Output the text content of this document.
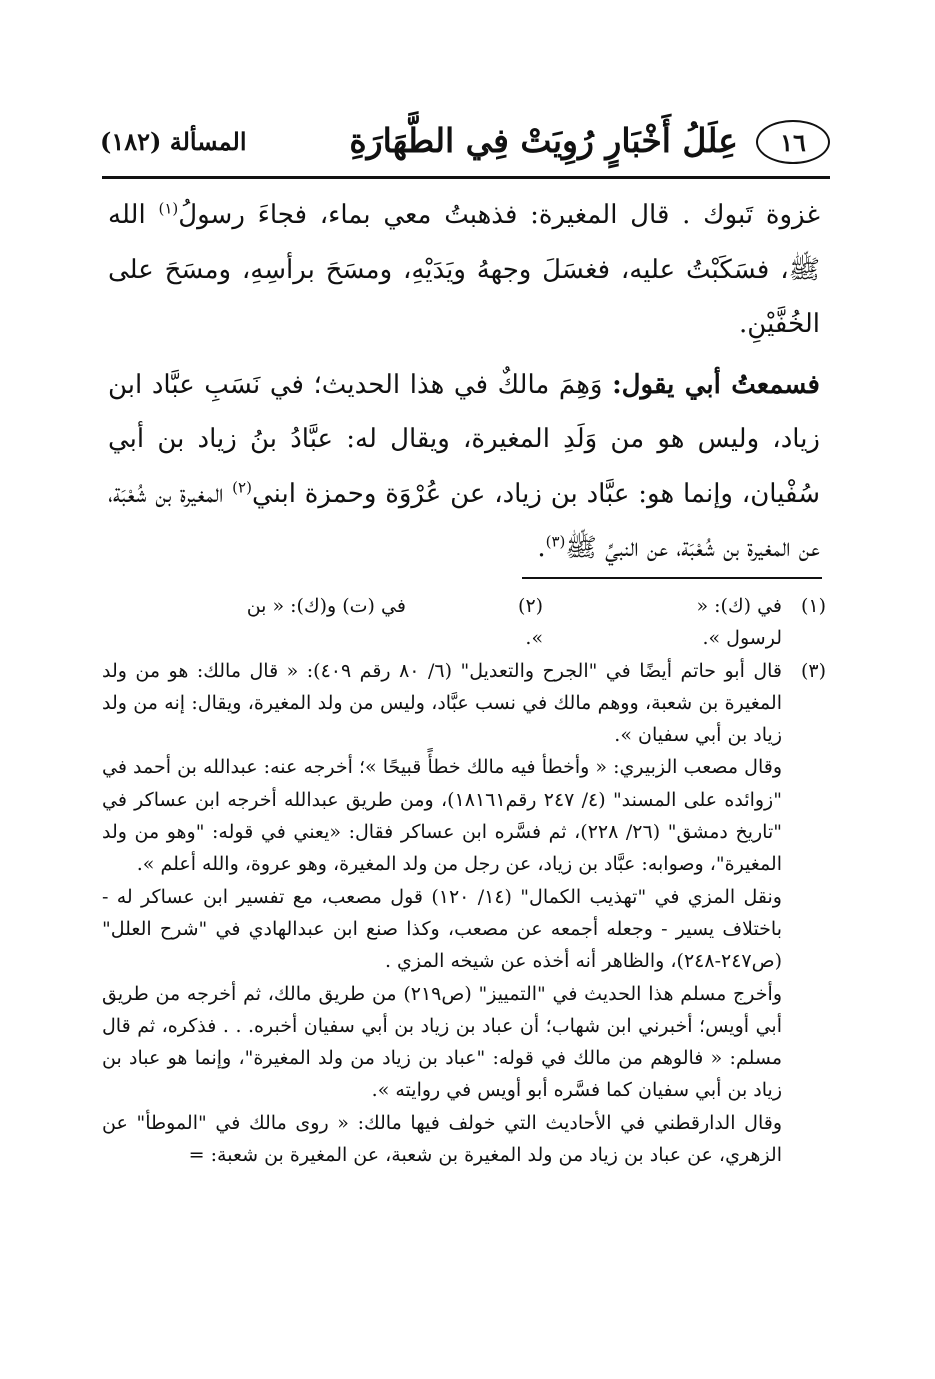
١٦
عِلَلُ أَخْبَارٍ رُوِيَتْ فِي الطَّهَارَةِ
المسألة (١٨٢)

غزوة تَبوك . قال المغيرة: فذهبتُ معي بماء، فجاءَ رسولُ$^{(١)}$ الله ﷺ، فسَكَبْتُ عليه، فغسَلَ وجههُ ويَدَيْهِ، ومسَحَ برأسِهِ، ومسَحَ على الخُفَّيْنِ.

فسمعتُ أبي يقول: وَهِمَ مالكٌ في هذا الحديث؛ في نَسَبِ عبَّاد ابن زياد، وليس هو من وَلَدِ المغيرة، ويقال له: عبَّادُ بنُ زياد بن أبي سُفْيان، وإنما هو: عبَّاد بن زياد، عن عُرْوَة وحمزة ابني$^{(٢)}$ المغيرة بن شُعْبَة، عن المغيرة بن شُعْبَة، عن النبيِّ ﷺ$^{(٣)}$.

(١)
في (ك): « لرسول ».
(٢)  في (ت) و(ك): « بن ».
(٣)
قال أبو حاتم أيضًا في "الجرح والتعديل" (٦/ ٨٠ رقم ٤٠٩): « قال مالك: هو من ولد المغيرة بن شعبة، ووهم مالك في نسب عبَّاد، وليس من ولد المغيرة، ويقال: إنه من ولد زياد بن أبي سفيان ».
وقال مصعب الزبيري: « وأخطأ فيه مالك خطأً قبيحًا »؛ أخرجه عنه: عبدالله بن أحمد في "زوائده على المسند" (٤/ ٢٤٧ رقم١٨١٦١)، ومن طريق عبدالله أخرجه ابن عساكر في "تاريخ دمشق" (٢٦/ ٢٢٨)، ثم فسَّره ابن عساكر فقال: «يعني في قوله: "وهو من ولد المغيرة"، وصوابه: عبَّاد بن زياد، عن رجل من ولد المغيرة، وهو عروة، والله أعلم ».
ونقل المزي في "تهذيب الكمال" (١٤/ ١٢٠) قول مصعب، مع تفسير ابن عساكر له - باختلاف يسير - وجعله أجمعه عن مصعب، وكذا صنع ابن عبدالهادي في "شرح العلل" (ص٢٤٧-٢٤٨)، والظاهر أنه أخذه عن شيخه المزي .
وأخرج مسلم هذا الحديث في "التمييز" (ص٢١٩) من طريق مالك، ثم أخرجه من طريق أبي أويس؛ أخبرني ابن شهاب؛ أن عباد بن زياد بن أبي سفيان أخبره. . . فذكره، ثم قال مسلم: « فالوهم من مالك في قوله: "عباد بن زياد من ولد المغيرة"، وإنما هو عباد بن زياد بن أبي سفيان كما فسَّره أبو أويس في روايته ».
وقال الدارقطني في الأحاديث التي خولف فيها مالك: « روى مالك في "الموطأ" عن الزهري، عن عباد بن زياد من ولد المغيرة بن شعبة، عن المغيرة بن شعبة: =
